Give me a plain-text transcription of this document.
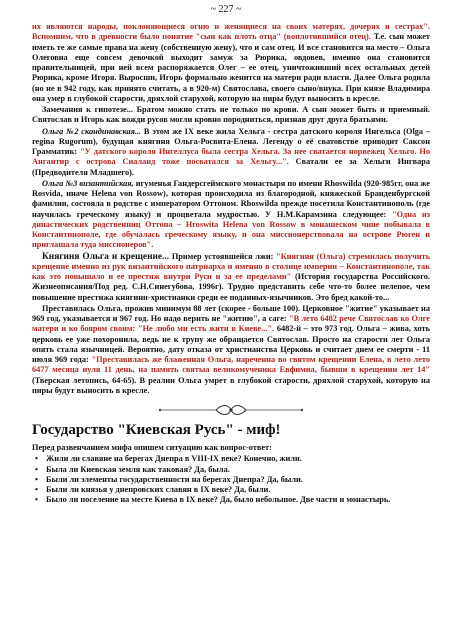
~ 227 ~

их являются народы, поклоняющиеся огню и женящиеся на своих матерях, дочерях и сестрах". Вспомним, что в древности было понятие "сын как плоть отца" (воплотившийся отец). Т.е. сын может иметь те же самые права на жену (собственную жену), что и сам отец. И все становится на место – Ольга Олеговна еще совсем девочкой выходит замуж за Рюрика, овдовев, именно она становится правительницей, при ней всем распоряжается Олег – ее отец, уничтоживший всех остальных детей Рюрика, кроме Игоря. Выросши, Игорь формально женится на матери ради власти. Далее Ольга родила (но не в 942 году, как принято считать, а в 920-м) Святослава, своего сыно/внука. При князе Владимира она умер в глубокой старости, дряхлой старухой, которую на пиры будут выносить в кресле.

Замечания к гипотезе... Братом можно стать не только по крови. А сын может быть и приемный. Святослав и Игорь как вожди русов могли кровно породниться, признав друг друга братьями.

Ольга №2 скандинавская... В этом же IX веке жила Хельга - сестра датского короля Ингельса (Olga – regina Rugorum), будущая княгиня Ольга-Росвита-Елена. Легенду о её сватовстве приводит Саксон Грамматик: "У датского короля Ингеллуса была сестра Хельга. За нее сватается норвежец Хельго. Но Ангантир с острова Сиаланд тоже посватался за Хельгу...". Сватали ее за Хельги Ингвара (Предводителя Младшего).

Ольга №3 византийская, игуменья Гандерсгеймского монастыря по имени Rhoswilda (920-985гг, она же Rosvida, иначе Helena von Rossow), которая происходила из благородной, княжеской Бранденбургской фамилии, состояла в родстве с императором Оттоном. Rhoswilda прежде посетила Константинополь (где научилась греческому языку) и процветала мудростью. У Н.М.Карамзина следующее: "Одна из династических родственниц Оттона – Hroswita Helena von Rossow в монашеском чине побывала в Константинополе, где обучалась греческому языку, и она миссионерствовала на острове Рюген и приглашала туда миссионеров".

Княгиня Ольга и крещение... Пример устоявшейся лжи: "Княгиня (Ольга) стремилась получить крещение именно из рук византийского патриарха и именно в столице империи – Константинополе, так как это повышало и ее престиж внутри Руси и за ее пределами" (История государства Российского. Жизнеописания/Под ред. С.Н.Синегубова, 1996г). Трудно представить себе что-то более нелепое, чем повышение престижа княгини-христианки среди ее поданных-язычников. Это бред какой-то...

Преставилась Ольга, прожив минимум 88 лет (скорее - больше 100). Церковное "житие" указывает на 969 год, указывается и 967 год. Но надо верить не "житию", а саге: "В лето 6482 рече Святослав ко Олге матери и ко бояром своим: "Не любо ми есть жити в Киеве...". 6482-й – это 973 год. Ольга – жива, хоть церковь ее уже похоронила, ведь не к трупу же обращается Святослав. Просто на старости лет Ольга опять стала язычницей. Вероятно, дату отказа от христианства Церковь и считает днем ее смерти - 11 июля 969 года: "Преставилась же блаженная Ольга, нареченна во святом крещении Елена, в лето лето 6477 месяца иуля 11 день, на память святыа великомученика Евфимиа, бывши в крещении лет 14" (Тверская летопись, 64-65). В реалии Ольга умрет в глубокой старости, дряхлой старухой, которую на пиры будут выносить в кресле.

Государство "Киевская Русь" - миф!

Перед развенчанием мифа опишем ситуацию как вопрос-ответ:

• Жили ли славяне на берегах Днепра в VIII-IX веке? Конечно, жили.
• Была ли Киевская земля как таковая? Да, была.
• Были ли элементы государственности на берегах Днепра? Да, были.
• Были ли князья у днепровских славян в IX веке? Да, были.
• Было ли поселение на месте Киева в IX веке? Да, было небольшое. Две части и монастырь.
